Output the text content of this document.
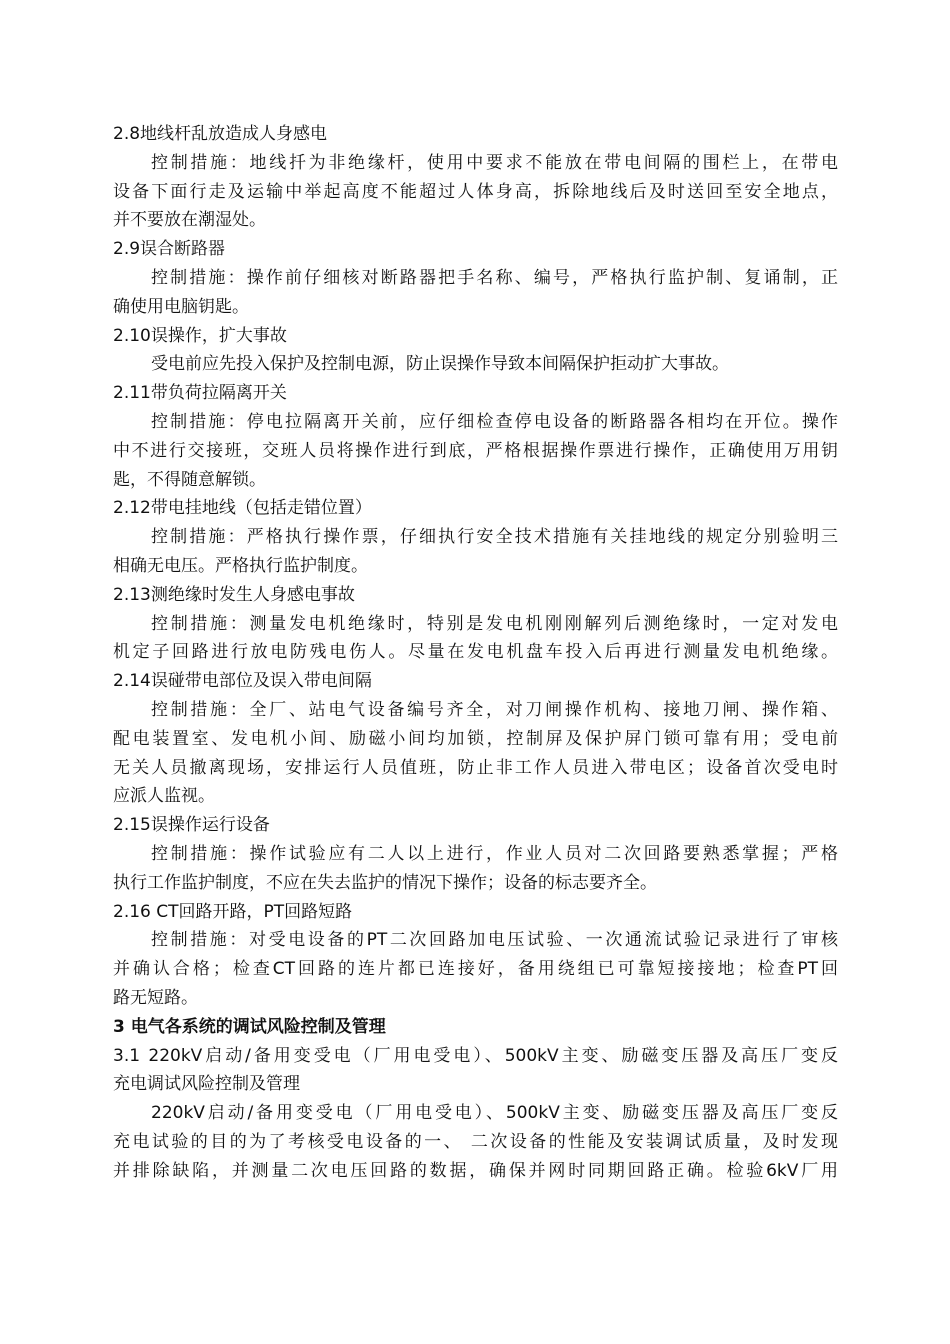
2.8地线杆乱放造成人身感电
控制措施：地线扦为非绝缘杆，使用中要求不能放在带电间隔的围栏上，在带电
设备下面行走及运输中举起高度不能超过人体身高，拆除地线后及时送回至安全地点，
并不要放在潮湿处。
2.9误合断路器
控制措施：操作前仔细核对断路器把手名称、编号，严格执行监护制、复诵制，正
确使用电脑钥匙。
2.10误操作，扩大事故
受电前应先投入保护及控制电源，防止误操作导致本间隔保护拒动扩大事故。
2.11带负荷拉隔离开关
控制措施：停电拉隔离开关前，应仔细检查停电设备的断路器各相均在开位。操作
中不进行交接班，交班人员将操作进行到底，严格根据操作票进行操作，正确使用万用钥
匙，不得随意解锁。
2.12带电挂地线（包括走错位置）
控制措施：严格执行操作票，仔细执行安全技术措施有关挂地线的规定分别验明三
相确无电压。严格执行监护制度。
2.13测绝缘时发生人身感电事故
控制措施：测量发电机绝缘时，特别是发电机刚刚解列后测绝缘时，一定对发电
机定子回路进行放电防残电伤人。尽量在发电机盘车投入后再进行测量发电机绝缘。
2.14误碰带电部位及误入带电间隔
控制措施：全厂、站电气设备编号齐全，对刀闸操作机构、接地刀闸、操作箱、
配电装置室、发电机小间、励磁小间均加锁，控制屏及保护屏门锁可靠有用；受电前
无关人员撤离现场，安排运行人员值班，防止非工作人员进入带电区；设备首次受电时
应派人监视。
2.15误操作运行设备
控制措施：操作试验应有二人以上进行，作业人员对二次回路要熟悉掌握；严格
执行工作监护制度，不应在失去监护的情况下操作；设备的标志要齐全。
2.16 CT回路开路，PT回路短路
控制措施：对受电设备的PT二次回路加电压试验、一次通流试验记录进行了审核
并确认合格；检查CT回路的连片都已连接好，备用绕组已可靠短接接地；检查PT回
路无短路。
3 电气各系统的调试风险控制及管理
3.1 220kV启动/备用变受电（厂用电受电）、500kV主变、励磁变压器及高压厂变反
充电调试风险控制及管理
220kV启动/备用变受电（厂用电受电）、500kV主变、励磁变压器及高压厂变反
充电试验的目的为了考核受电设备的一、 二次设备的性能及安装调试质量，及时发现
并排除缺陷，并测量二次电压回路的数据，确保并网时同期回路正确。检验6kV厂用
